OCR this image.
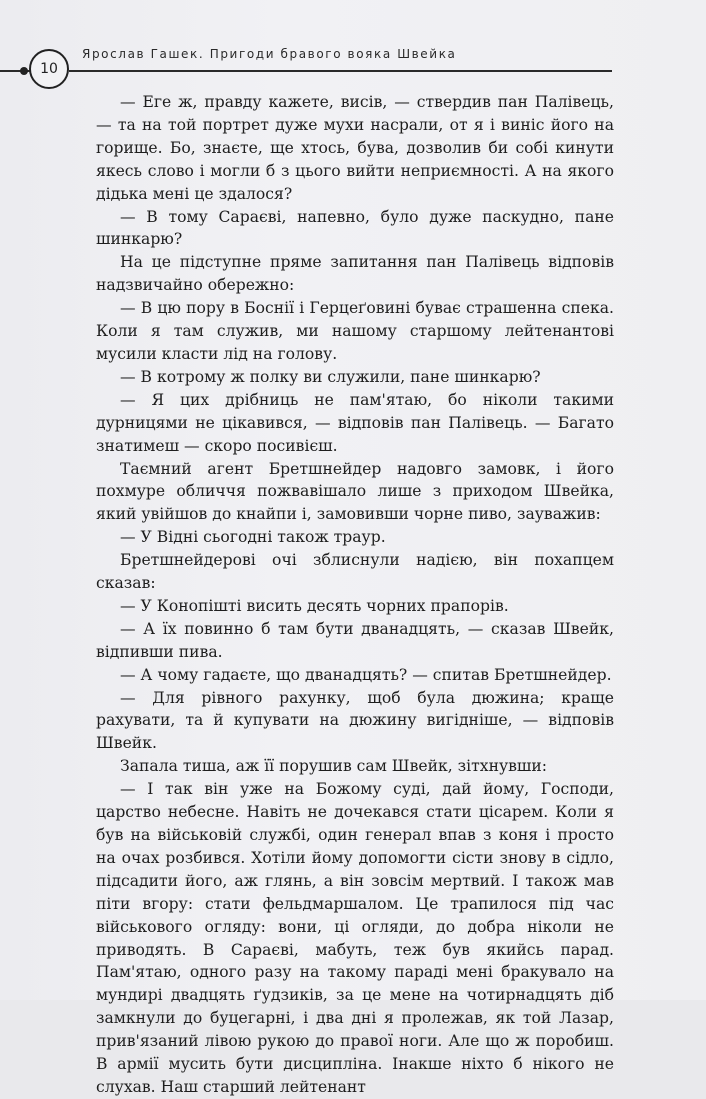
10
Ярослав Гашек. Пригоди бравого вояка Швейка

— Еге ж, правду кажете, висів, — ствердив пан Палівець, — та на той портрет дуже мухи насрали, от я і виніс його на горище. Бо, знаєте, ще хтось, бува, дозволив би собі кинути якесь слово і могли б з цього вийти неприємності. А на якого дідька мені це здалося?

— В тому Сараєві, напевно, було дуже паскудно, пане шинкарю?

На це підступне пряме запитання пан Палівець відповів надзвичайно обережно:

— В цю пору в Боснії і Герцеґовині буває страшенна спека. Коли я там служив, ми нашому старшому лейтенантові мусили класти лід на голову.

— В котрому ж полку ви служили, пане шинкарю?

— Я цих дрібниць не пам'ятаю, бо ніколи такими дурницями не цікавився, — відповів пан Палівець. — Багато знатимеш — скоро посивієш.

Таємний агент Бретшнейдер надовго замовк, і його похмуре обличчя пожвавішало лише з приходом Швейка, який увійшов до кнайпи і, замовивши чорне пиво, зауважив:

— У Відні сьогодні також траур.

Бретшнейдерові очі зблиснули надією, він похапцем сказав:

— У Конопішті висить десять чорних прапорів.

— А їх повинно б там бути дванадцять, — сказав Швейк, відпивши пива.

— А чому гадаєте, що дванадцять? — спитав Бретшнейдер.

— Для рівного рахунку, щоб була дюжина; краще рахувати, та й купувати на дюжину вигідніше, — відповів Швейк.

Запала тиша, аж її порушив сам Швейк, зітхнувши:

— І так він уже на Божому суді, дай йому, Господи, царство небесне. Навіть не дочекався стати цісарем. Коли я був на військовій службі, один генерал впав з коня і просто на очах розбився. Хотіли йому допомогти сісти знову в сідло, підсадити його, аж глянь, а він зовсім мертвий. І також мав піти вгору: стати фельдмаршалом. Це трапилося під час військового огляду: вони, ці огляди, до добра ніколи не приводять. В Сараєві, мабуть, теж був якийсь парад. Пам'ятаю, одного разу на такому параді мені бракувало на мундирі двадцять ґудзиків, за це мене на чотирнадцять діб замкнули до буцегарні, і два дні я пролежав, як той Лазар, прив'язаний лівою рукою до правої ноги. Але що ж поробиш. В армії мусить бути дисципліна. Інакше ніхто б нікого не слухав. Наш старший лейтенант
